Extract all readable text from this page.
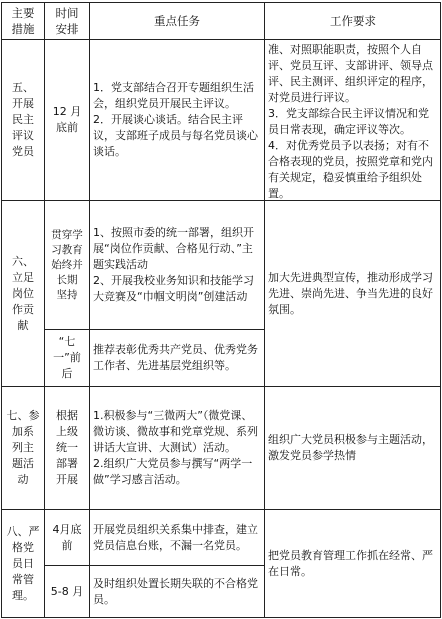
主要
措施
时间
安排
重点任务	工作要求
五、
开展
民主
评议
党员
12 月
底前
1．党支部结合召开专题组织生活会，组织党员开展民主评议。
2．开展谈心谈话。结合民主评议，支部班子成员与每名党员谈心谈话。
准、对照职能职责，按照个人自评、党员互评、支部讲评、领导点评、民主测评、组织评定的程序，对党员进行评议。
3．党支部综合民主评议情况和党员日常表现，确定评议等次。
4．对优秀党员予以表扬；对有不合格表现的党员，按照党章和党内有关规定，稳妥慎重给予组织处置。
六、
立足
岗位
作贡
献
贯穿学
习教育
始终并
长期
坚持
1、按照市委的统一部署，组织开展“岗位作贡献、合格见行动、”主题实践活动
2、开展我校业务知识和技能学习大竞赛及“巾帼文明岗”创建活动
加大先进典型宣传，推动形成学习先进、崇尚先进、争当先进的良好氛围。
“七
一”前
后
推荐表彰优秀共产党员、优秀党务工作者、先进基层党组织等。
七、参
加系
列主
题活
动
根据
上级
统一
部署
开展
1.积极参与“三微两大”（微党课、微访谈、微故事和党章党规、系列讲话大宣讲、大测试）活动。
2.组织广大党员参与撰写“两学一做”学习感言活动。
组织广大党员积极参与主题活动，激发党员参学热情
八、严
格党
员日
常管
理。
4月底
前
开展党员组织关系集中排查，建立党员信息台账，不漏一名党员。
把党员教育管理工作抓在经常、严在日常。
5-8 月
及时组织处置长期失联的不合格党员。
